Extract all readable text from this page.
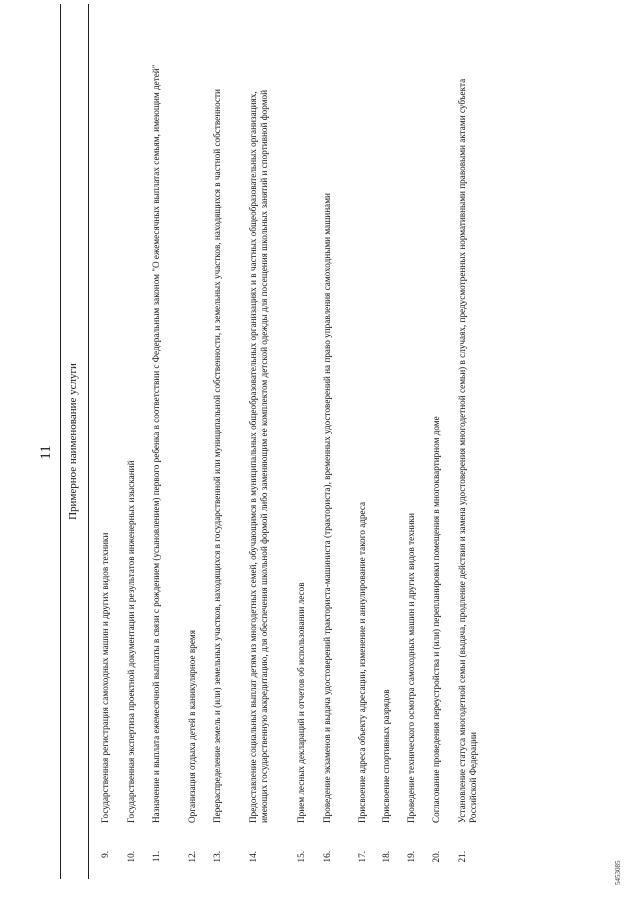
11 Примерное наименование услуги
9.
Государственная регистрация самоходных машин и других видов техники
10.
Государственная экспертиза проектной документации и результатов инженерных изысканий
11.
Назначение и выплата ежемесячной выплаты в связи с рождением (усыновлением) первого ребенка в соответствии с Федеральным законом "О ежемесячных выплатах семьям, имеющим детей"
12.
Организация отдыха детей в каникулярное время
13.
Перераспределение земель и (или) земельных участков, находящихся в государственной или муниципальной собственности, и земельных участков, находящихся в частной собственности
14.
Предоставление социальных выплат детям из многодетных семей, обучающимся в муниципальных общеобразовательных организациях и в частных общеобразовательных организациях, имеющих государственную аккредитацию, для обеспечения школьной формой либо заменяющим ее комплектом детской одежды для посещения школьных занятий и спортивной формой
15.
Прием лесных деклараций и отчетов об использовании лесов
16.
Проведение экзаменов и выдача удостоверений тракториста-машиниста (тракториста), временных удостоверений на право управления самоходными машинами
17.
Присвоение адреса объекту адресации, изменение и аннулирование такого адреса
18.
Присвоение спортивных разрядов
19.
Проведение технического осмотра самоходных машин и других видов техники
20.
Согласование проведения переустройства и (или) перепланировки помещения в многоквартирном доме
21.
Установление статуса многодетной семьи (выдача, продление действия и замена удостоверения многодетной семьи) в случаях, предусмотренных нормативными правовыми актами субъекта Российской Федерации
5453085
